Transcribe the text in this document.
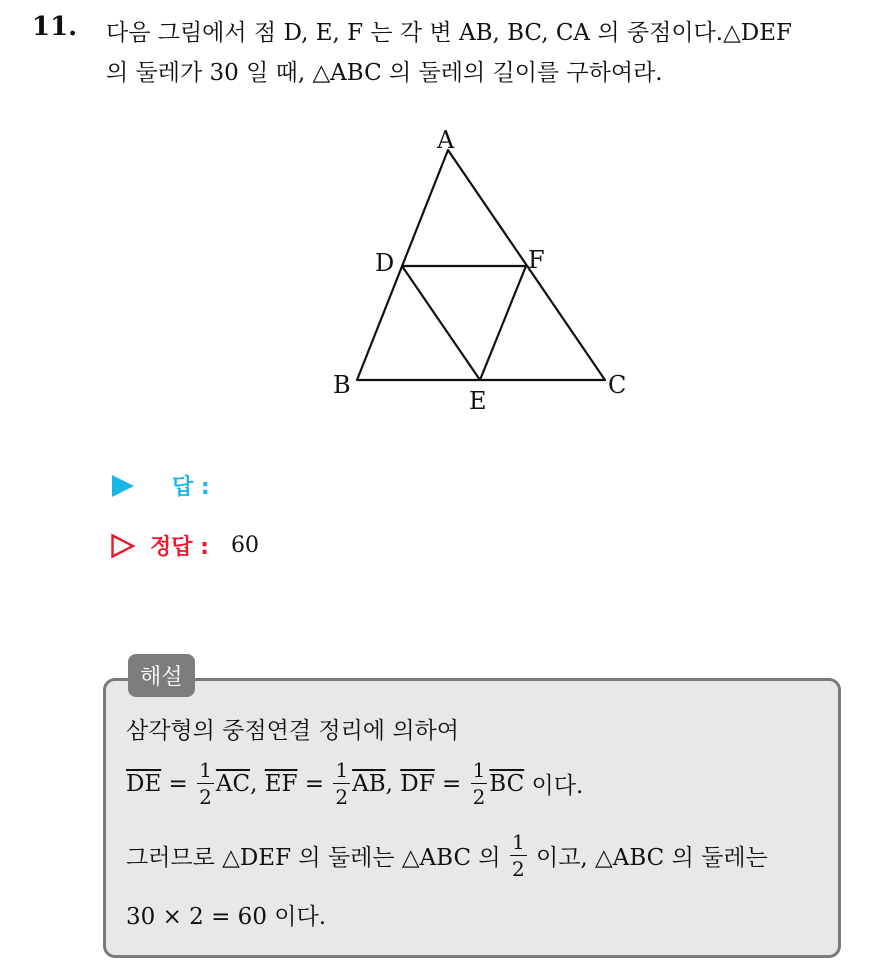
11. 다음 그림에서 점 D, E, F 는 각 변 AB, BC, CA 의 중점이다.△DEF
의 둘레가 30 일 때, △ABC 의 둘레의 길이를 구하여라.
A
B	C
D
E
F
답 :
정답 : 60
해설
삼각형의 중점연결 정리에 의하여
$\overline{DE} = \frac{1}{2} \overline{AC}$ , $\overline{EF} = \frac{1}{2} \overline{AB}$ , $\overline{DF} = \frac{1}{2} \overline{BC}$ 이다.
그러므로 △DEF 의 둘레는 △ABC 의 $\frac{1}{2}$ 이고, △ABC 의 둘레는
30 × 2 = 60 이다.
